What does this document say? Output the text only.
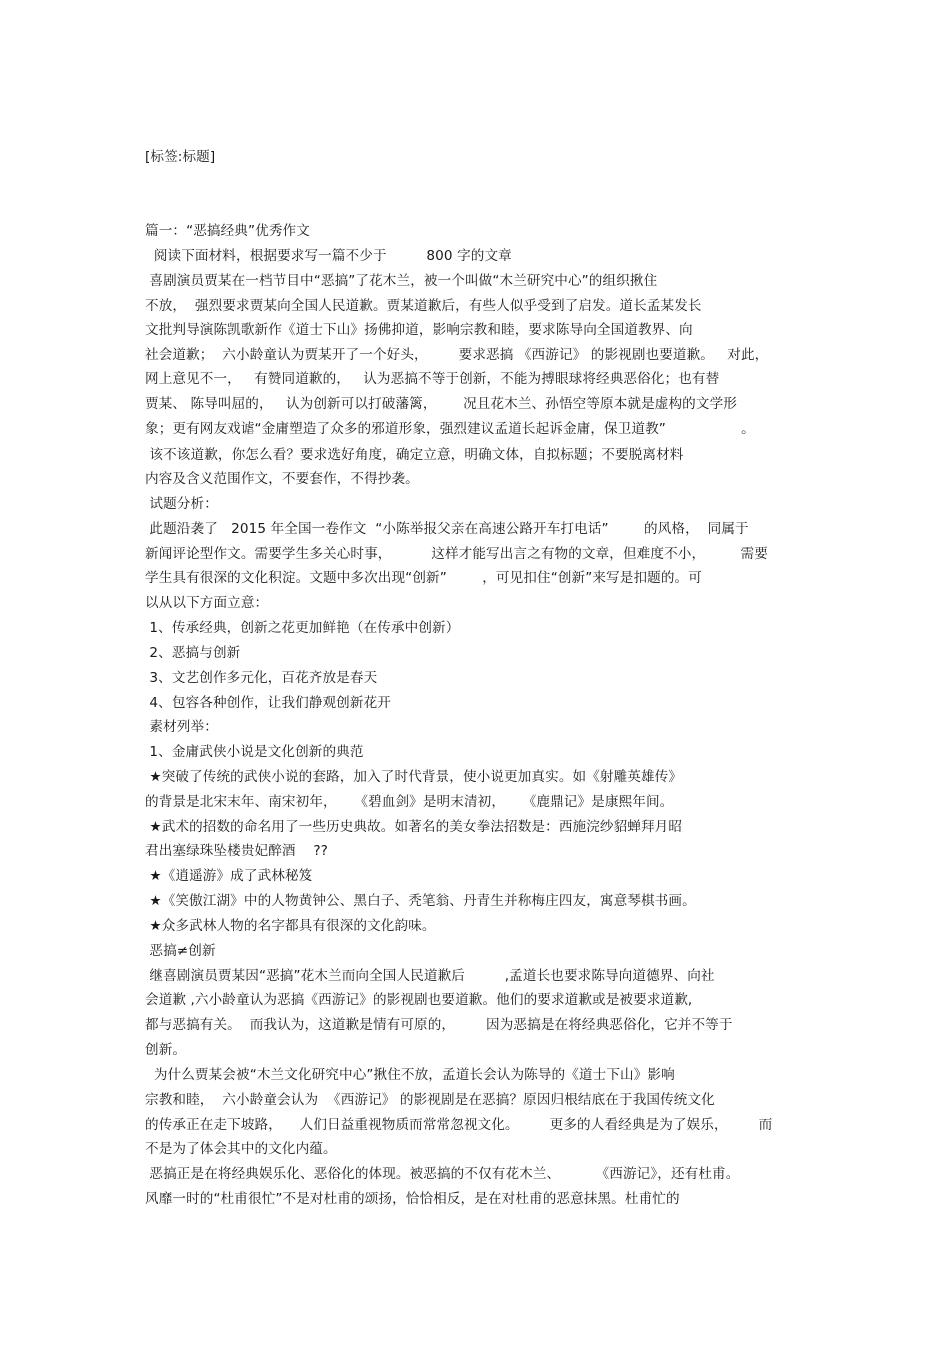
[标签:标题]
篇一：“恶搞经典”优秀作文
阅读下面材料，根据要求写一篇不少于         800 字的文章
喜剧演员贾某在一档节目中“恶搞”了花木兰，被一个叫做“木兰研究中心”的组织揪住
不放，  强烈要求贾某向全国人民道歉。贾某道歉后，有些人似乎受到了启发。道长孟某发长
文批判导演陈凯歌新作《道士下山》扬佛抑道，影响宗教和睦，要求陈导向全国道教界、向
社会道歉；  六小龄童认为贾某开了一个好头，       要求恶搞 《西游记》 的影视剧也要道歉。   对此，
网上意见不一，   有赞同道歉的，   认为恶搞不等于创新，不能为搏眼球将经典恶俗化；也有替
贾某、 陈导叫屈的，   认为创新可以打破藩篱，      况且花木兰、孙悟空等原本就是虚构的文学形
象；更有网友戏谑“金庸塑造了众多的邪道形象，强烈建议孟道长起诉金庸，保卫道教”                 。
该不该道歉，你怎么看？要求选好角度，确定立意，明确文体，自拟标题；不要脱离材料
内容及含义范围作文，不要套作，不得抄袭。
试题分析：
此题沿袭了   2015 年全国一卷作文  “小陈举报父亲在高速公路开车打电话”        的风格，  同属于
新闻评论型作文。需要学生多关心时事，         这样才能写出言之有物的文章，但难度不小，        需要
学生具有很深的文化积淀。文题中多次出现“创新”        ，可见扣住“创新”来写是扣题的。可
以从以下方面立意：
1、传承经典，创新之花更加鲜艳（在传承中创新）
2、恶搞与创新
3、文艺创作多元化，百花齐放是春天
4、包容各种创作，让我们静观创新花开
素材列举：
1、金庸武侠小说是文化创新的典范
★突破了传统的武侠小说的套路，加入了时代背景，使小说更加真实。如《射雕英雄传》
的背景是北宋末年、南宋初年，    《碧血剑》是明末清初，    《鹿鼎记》是康熙年间。
★武术的招数的命名用了一些历史典故。如著名的美女拳法招数是：西施浣纱貂蝉拜月昭
君出塞绿珠坠楼贵妃醉酒    ??
★《逍遥游》成了武林秘笈
★《笑傲江湖》中的人物黄钟公、黑白子、秃笔翁、丹青生并称梅庄四友，寓意琴棋书画。
★众多武林人物的名字都具有很深的文化韵味。
恶搞≠创新
继喜剧演员贾某因“恶搞”花木兰而向全国人民道歉后         ,孟道长也要求陈导向道德界、向社
会道歉 ,六小龄童认为恶搞《西游记》的影视剧也要道歉。他们的要求道歉或是被要求道歉,
都与恶搞有关。  而我认为，这道歉是情有可原的，       因为恶搞是在将经典恶俗化，它并不等于
创新。
为什么贾某会被“木兰文化研究中心”揪住不放，孟道长会认为陈导的《道士下山》影响
宗教和睦，  六小龄童会认为  《西游记》 的影视剧是在恶搞？原因归根结底在于我国传统文化
的传承正在走下坡路，    人们日益重视物质而常常忽视文化。       更多的人看经典是为了娱乐，       而
不是为了体会其中的文化内蕴。
恶搞正是在将经典娱乐化、恶俗化的体现。被恶搞的不仅有花木兰、        《西游记》，还有杜甫。
风靡一时的“杜甫很忙”不是对杜甫的颂扬，恰恰相反，是在对杜甫的恶意抹黑。杜甫忙的
